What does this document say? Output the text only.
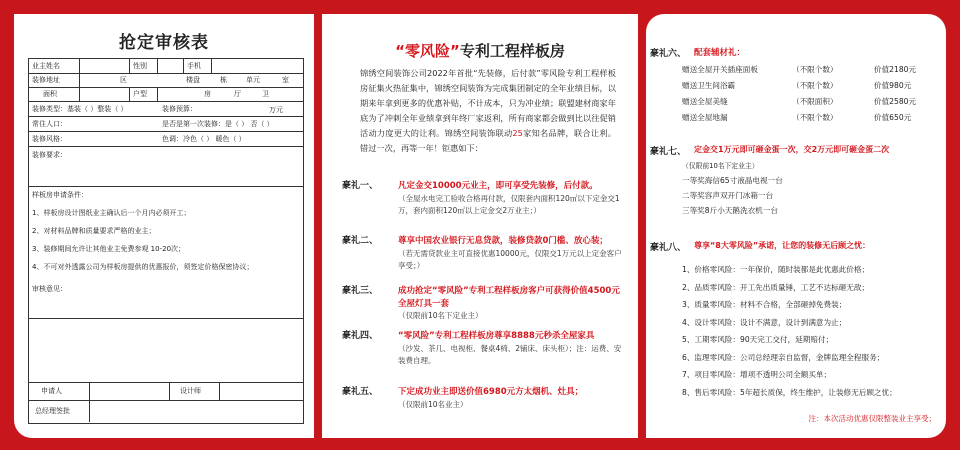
抢定审核表
业主姓名	性别	手机
装修地址	区	楼盘	栋	单元	室
面积	户型	房	厅	卫
装修类型：基装（ ）整装（ ）	装修预算：	万元
常住人口：	是否是第一次装修：是（ ） 否（ ）
装修风格：	色调：冷色（ ） 暖色（ ）
装修要求：
样板房申请条件：
1、样板房设计图纸业主确认后一个月内必须开工；
2、对材料品牌和质量要求严格的业主；
3、装修期间允许让其他业主免费参观 10-20次；
4、不可对外透露公司为样板房提供的优惠报价，须签定价格保密协议；
审核意见：
申请人	设计师
总经理签批
“零风险”专利工程样板房
锦绣空间装饰公司2022年首批“先装修，后付款”零风险专利工程样板房征集火热征集中，锦绣空间装饰为完成集团制定的全年业绩目标，以期来年拿到更多的优惠补贴，不计成本，只为冲业绩；联盟建材商家年底为了冲刺全年业绩拿到年终厂家返利，所有商家都会做到比以往促销活动力度更大的让利。锦绣空间装饰联动25家知名品牌，联合让利。错过一次，再等一年！钜惠如下：
豪礼一、 凡定金交10000元业主，即可享受先装修，后付款。
（全屋水电完工验收合格再付款，仅限套内面积120㎡以下定金交1万，套内面积120㎡以上定金交2万业主；）
豪礼二、 尊享中国农业银行无息贷款，装修贷款0门槛、放心装；
（若无需贷款业主可直接优惠10000元，仅限交1万元以上定金客户享受；）
豪礼三、 成功抢定“零风险”专利工程样板房客户可获得价值4500元全屋灯具一套
（仅限前10名下定业主）
豪礼四、 “零风险”专利工程样板房尊享8888元秒杀全屋家具
（沙发、茶几、电视柜、餐桌4椅、2铺床、床头柜）；注：运费、安装费自理。
豪礼五、 下定成功业主即送价值6980元方太烟机、灶具；
（仅限前10名业主）
豪礼六、 配套辅材礼：
赠送全屋开关插座面板	（不限个数）	价值2180元
赠送卫生间浴霸	（不限个数）	价值980元
赠送全屋美缝	（不限面积）	价值2580元
赠送全屋地漏	（不限个数）	价值650元
豪礼七、 定金交1万元即可砸金蛋一次，交2万元即可砸金蛋二次
（仅限前10名下定业主）
一等奖海信65寸液晶电视一台
二等奖容声双开门冰箱一台
三等奖8斤小天鹅洗衣机一台
豪礼八、 尊享“8大零风险”承诺，让您的装修无后顾之忧：
1、价格零风险：一年保价，随时装都是此优惠此价格；
2、品质零风险：开工先出质量锤，工艺不达标砸无敌；
3、质量零风险：材料不合格，全部砸掉免费装；
4、设计零风险：设计不满意，设计到满意为止；
5、工期零风险：90天完工交付，延期赔付；
6、监理零风险：公司总经理亲自监督，金牌监理全程服务；
7、项目零风险：增项不透明公司全额买单；
8、售后零风险：5年超长质保，终生维护，让装修无后顾之忧；
注：本次活动优惠仅限整装业主享受；
